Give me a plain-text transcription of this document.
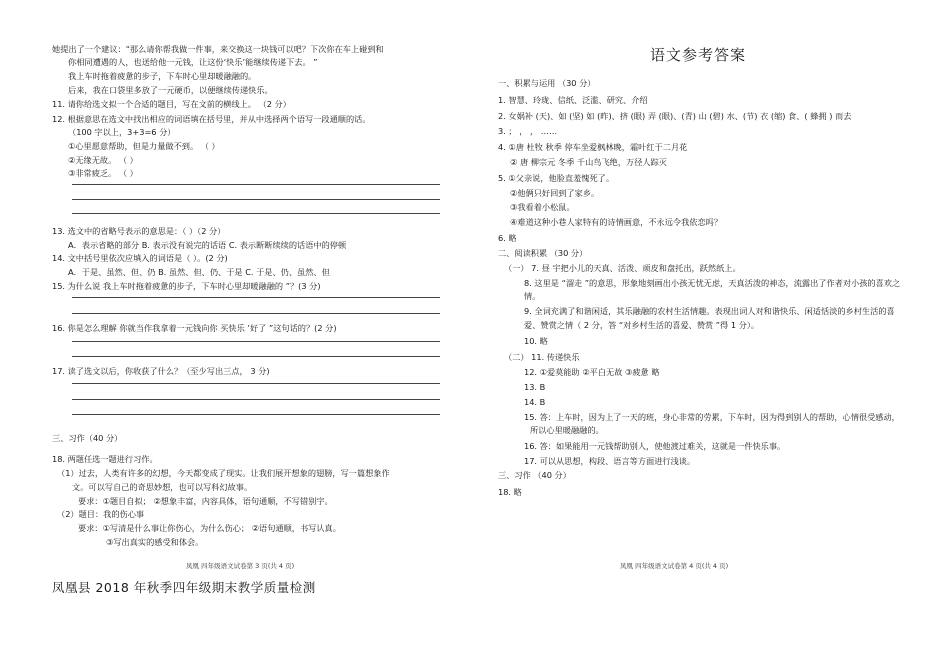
她提出了一个建议：“那么请你帮我做一件事，来交换这一块钱可以吧？下次你在车上碰到和
你相同遭遇的人，也送给他一元钱，让这份‘快乐’能继续传递下去。 ”
我上车时拖着疲惫的步子，下车时心里却暖融融的。
后来，我在口袋里多放了一元硬币，以便继续传递快乐。
11. 请你给选文拟一个合适的题目，写在文前的横线上。 （2 分）
12. 根据意思在选文中找出相应的词语填在括号里，并从中选择两个语写一段通顺的话。
（100 字以上，3+3=6 分）
①心里愿意帮助，但是力量做不到。 （ ）
②无缘无故。 （ ）
③非常疲乏。 （ ）
13. 选文中的省略号表示的意思是：（ ）（2 分）
A．表示省略的部分 B. 表示没有说完的话语 C. 表示断断续续的话语中的停顿
14. 文中括号里依次应填入的词语是（ ）。(2 分)
A．于是、虽然、但、仍 B. 虽然、但、仍、于是 C. 于是、仍、虽然、但
15. 为什么说 我上车时拖着疲惫的步子，下车时心里却暖融融的 ”？(3 分)
16. 你是怎么理解 你就当作我拿着一元钱向你 买快乐 ’好了 ”这句话的？(2 分)
17. 读了选文以后，你收获了什么？（至少写出三点， 3 分)
三、习作（40 分）
18. 两题任选一题进行习作。
（1）过去，人类有许多的幻想，今天都变成了现实。让我们展开想象的翅膀，写一篇想象作
文。可以写自己的奇思妙想，也可以写科幻故事。
要求：①题目自拟； ②想象丰富，内容具体，语句通顺，不写错别字。
（2）题目：我的伤心事
要求：①写清是什么事让你伤心，为什么伤心； ②语句通顺，书写认真。
③写出真实的感受和体会。
凤凰 四年级语文试卷第 3 页(共 4 页)
凤凰县 2018 年秋季四年级期末教学质量检测
语文参考答案
一、积累与运用 （30 分）
1. 智慧、玲珑、信纸、泛滥、研究、介绍
2. 女娲补 (天)、如 (坚) 如 (昨)、挤 (眼) 弄 (眼)、(青) 山 (碧) 水、(节) 衣 (缩) 食、( 蜂拥 ) 而去
3. ； ， ， ……
4. ①唐 杜牧 秋季 停车坐爱枫林晚，霜叶红于二月花
② 唐 柳宗元 冬季 千山鸟飞绝，万径人踪灭
5. ①父亲说，他脸直羞愧死了。
②他俩只好回到了家乡。
③我看着小松鼠。
④难道这种小巷人家特有的诗情画意，不永远令我依恋吗？
6. 略
二、阅读积累 （30 分）
（一） 7. 昼 宇把小儿的天真、活泼、顽皮和盘托出，跃然纸上。
8. 这里是 “溜走 ”的意思，形象地刻画出小孩无忧无虑，天真活泼的神态，流露出了作者对小孩的喜欢之
情。
9. 全词充满了和谐闲适，其乐融融的农村生活情趣。表现出词人对和谐快乐、闲适恬淡的乡村生活的喜
爱、赞赏之情（ 2 分，答 “对乡村生活的喜爱、赞赏 ”得 1 分）。
10. 略
（二） 11. 传递快乐
12. ①爱莫能助 ②平白无故 ③疲惫 略
13. B
14. B
15. 答：上车时，因为上了一天的班，身心非常的劳累，下车时，因为得到别人的帮助，心情很受感动，
所以心里暖融融的。
16. 答：如果能用一元钱帮助别人，使他渡过难关，这就是一件快乐事。
17. 可以从思想，构段、语言等方面进行浅谈。
三、习作 （40 分）
18. 略
凤凰 四年级语文试卷第 4 页(共 4 页)
